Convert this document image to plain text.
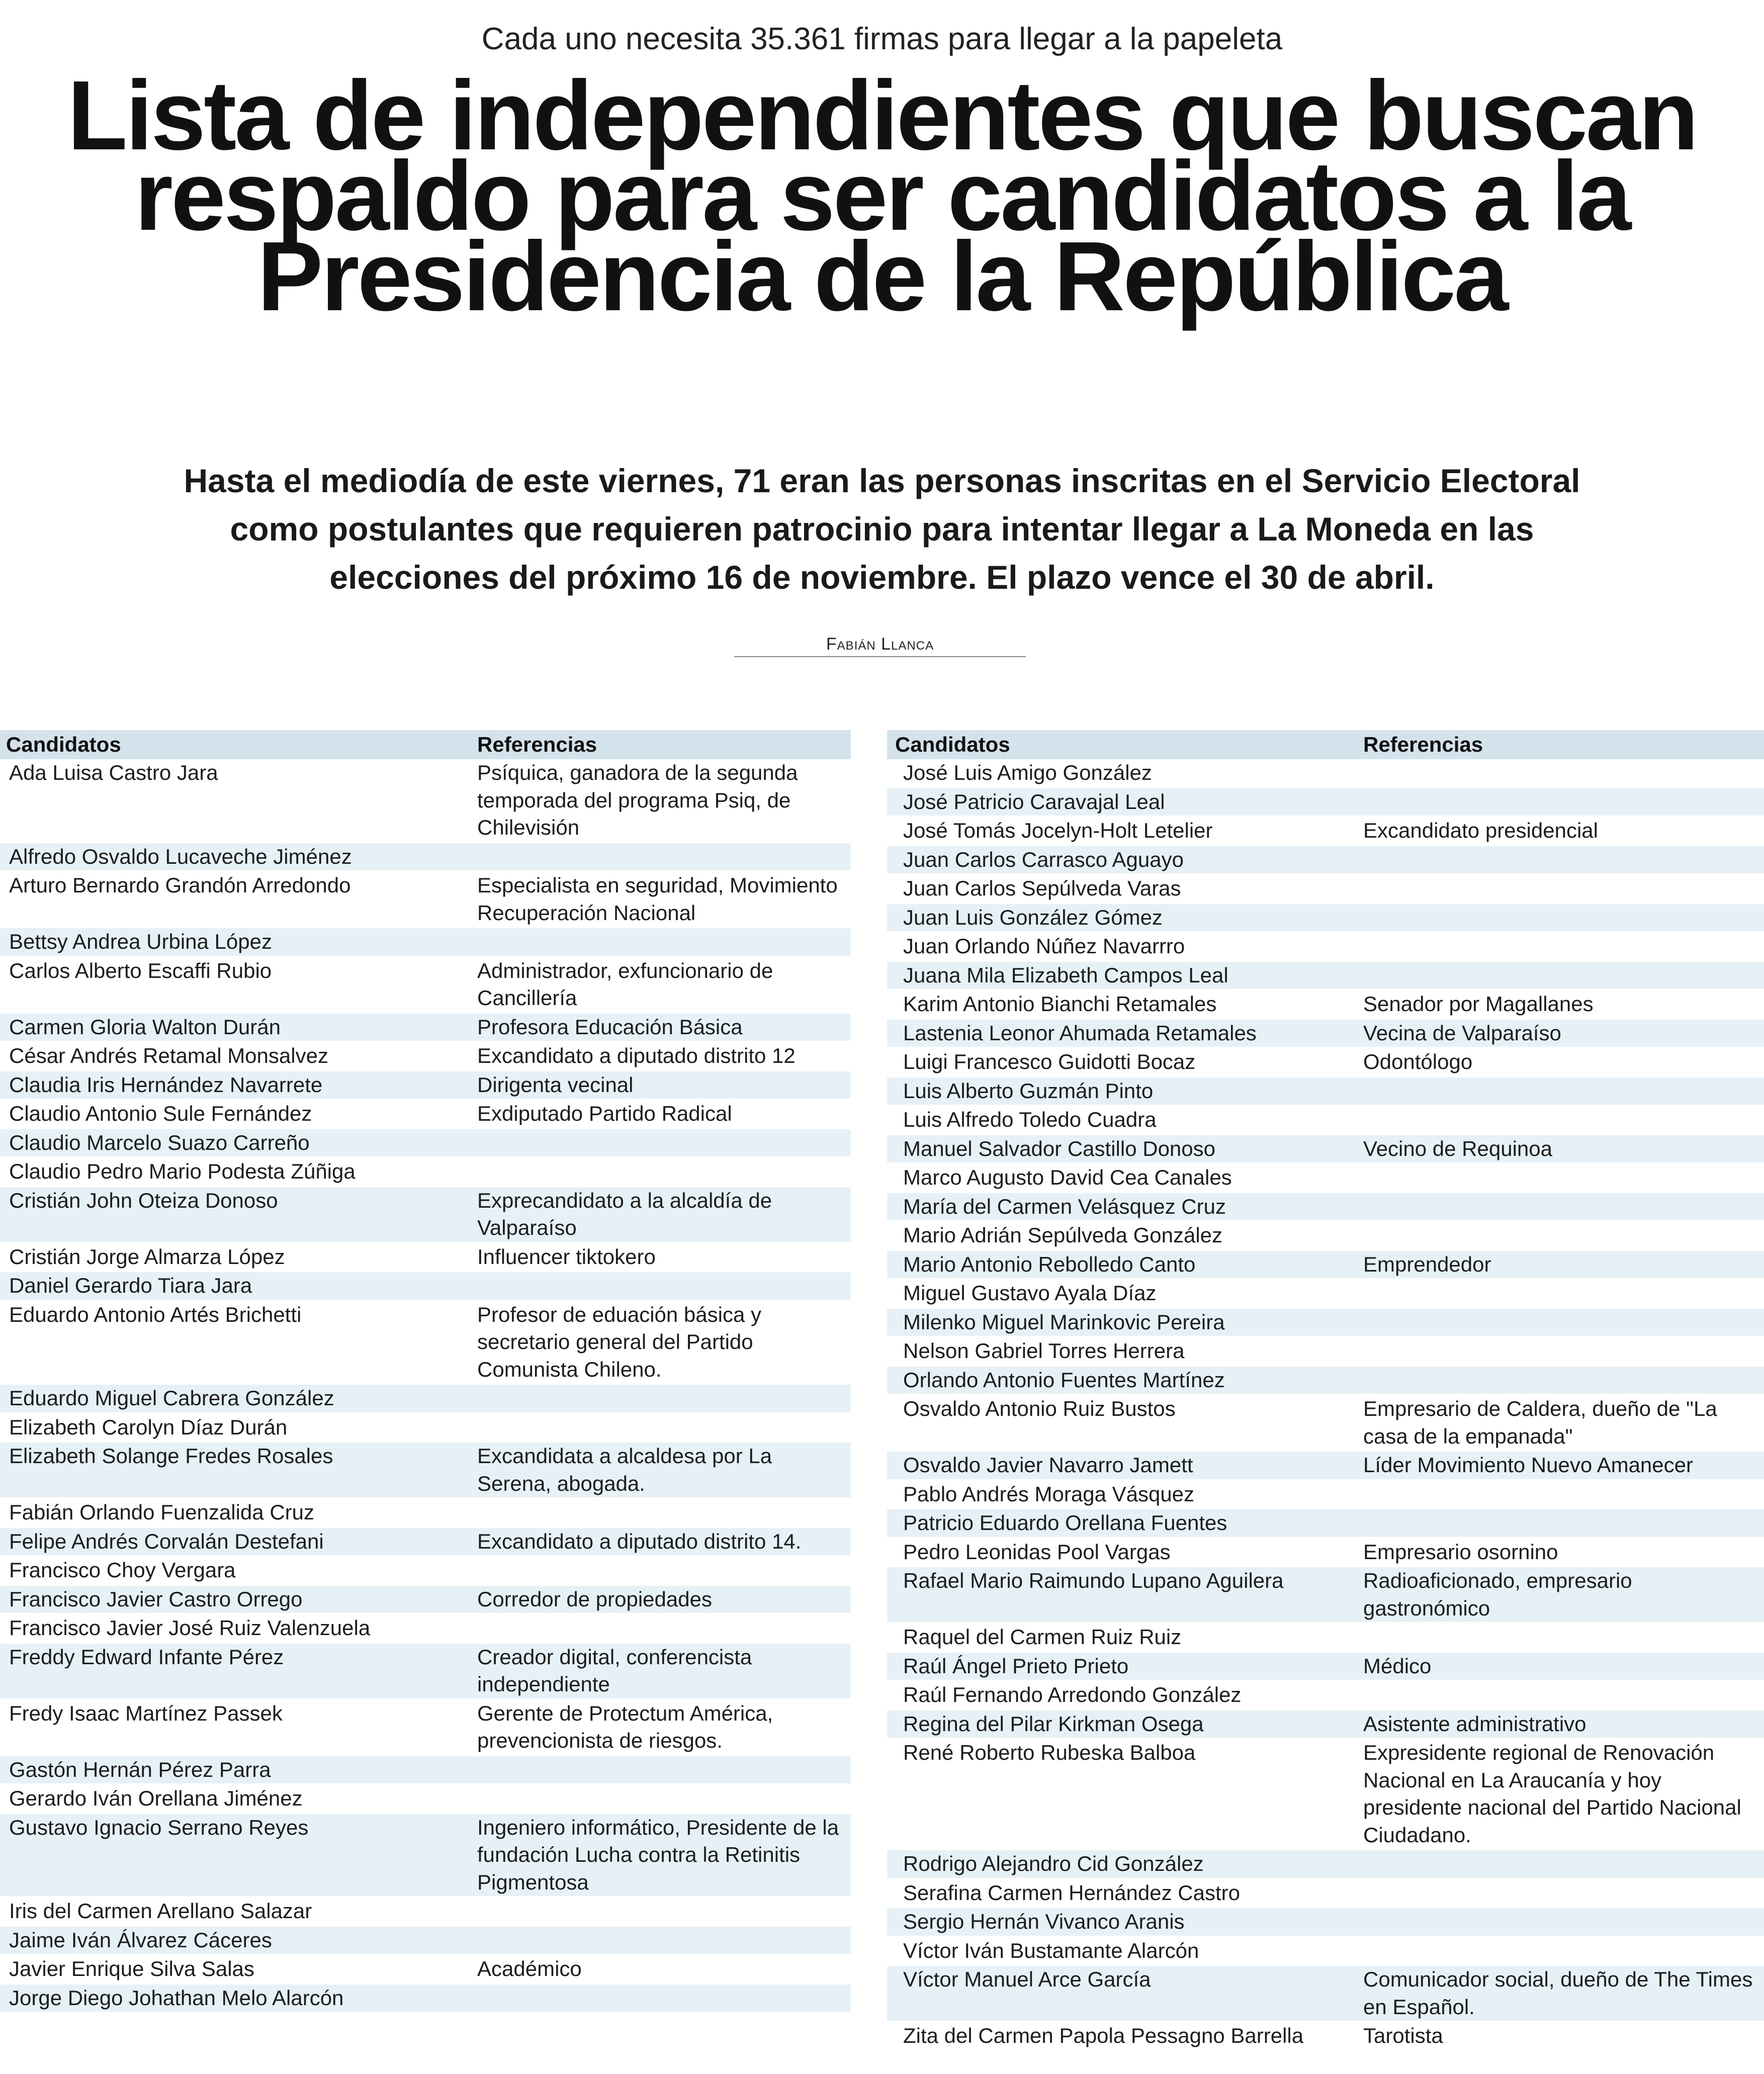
Cada uno necesita 35.361 firmas para llegar a la papeleta
Lista de independientes que buscan
respaldo para ser candidatos a la
Presidencia de la República
Hasta el mediodía de este viernes, 71 eran las personas inscritas en el Servicio Electoral como postulantes que requieren patrocinio para intentar llegar a La Moneda en las elecciones del próximo 16 de noviembre. El plazo vence el 30 de abril.
Fabián Llanca
Candidatos	Referencias
Ada Luisa Castro Jara	Psíquica, ganadora de la segunda temporada del programa Psiq, de Chilevisión
Alfredo Osvaldo Lucaveche Jiménez
Arturo Bernardo Grandón Arredondo	Especialista en seguridad, Movimiento Recuperación Nacional
Bettsy Andrea Urbina López
Carlos Alberto Escaffi Rubio	Administrador, exfuncionario de Cancillería
Carmen Gloria Walton Durán	Profesora Educación Básica
César Andrés Retamal Monsalvez	Excandidato a diputado distrito 12
Claudia Iris Hernández Navarrete	Dirigenta vecinal
Claudio Antonio Sule Fernández	Exdiputado Partido Radical
Claudio Marcelo Suazo Carreño
Claudio Pedro Mario Podesta Zúñiga
Cristián John Oteiza Donoso	Exprecandidato a la alcaldía de Valparaíso
Cristián Jorge Almarza López	Influencer tiktokero
Daniel Gerardo Tiara Jara
Eduardo Antonio Artés Brichetti	Profesor de eduación básica y secretario general del Partido Comunista Chileno.
Eduardo Miguel Cabrera González
Elizabeth Carolyn Díaz Durán
Elizabeth Solange Fredes Rosales	Excandidata a alcaldesa por La Serena, abogada.
Fabián Orlando Fuenzalida Cruz
Felipe Andrés Corvalán Destefani	Excandidato a diputado distrito 14.
Francisco Choy Vergara
Francisco Javier Castro Orrego	Corredor de propiedades
Francisco Javier José Ruiz Valenzuela
Freddy Edward Infante Pérez	Creador digital, conferencista independiente
Fredy Isaac Martínez Passek	Gerente de Protectum América, prevencionista de riesgos.
Gastón Hernán Pérez Parra
Gerardo Iván Orellana Jiménez
Gustavo Ignacio Serrano Reyes	Ingeniero informático, Presidente de la fundación Lucha contra la Retinitis Pigmentosa
Iris del Carmen Arellano Salazar
Jaime Iván Álvarez Cáceres
Javier Enrique Silva Salas	Académico
Jorge Diego Johathan Melo Alarcón
Candidatos	Referencias
José Luis Amigo González
José Patricio Caravajal Leal
José Tomás Jocelyn-Holt Letelier	Excandidato presidencial
Juan Carlos Carrasco Aguayo
Juan Carlos Sepúlveda Varas
Juan Luis González Gómez
Juan Orlando Núñez Navarrro
Juana Mila Elizabeth Campos Leal
Karim Antonio Bianchi Retamales	Senador por Magallanes
Lastenia Leonor Ahumada Retamales	Vecina de Valparaíso
Luigi Francesco Guidotti Bocaz	Odontólogo
Luis Alberto Guzmán Pinto
Luis Alfredo Toledo Cuadra
Manuel Salvador Castillo Donoso	Vecino de Requinoa
Marco Augusto David Cea Canales
María del Carmen Velásquez Cruz
Mario Adrián Sepúlveda González
Mario Antonio Rebolledo Canto	Emprendedor
Miguel Gustavo Ayala Díaz
Milenko Miguel Marinkovic Pereira
Nelson Gabriel Torres Herrera
Orlando Antonio Fuentes Martínez
Osvaldo Antonio Ruiz Bustos	Empresario de Caldera, dueño de "La casa de la empanada"
Osvaldo Javier Navarro Jamett	Líder Movimiento Nuevo Amanecer
Pablo Andrés Moraga Vásquez
Patricio Eduardo Orellana Fuentes
Pedro Leonidas Pool Vargas	Empresario osornino
Rafael Mario Raimundo Lupano Aguilera	Radioaficionado, empresario gastronómico
Raquel del Carmen Ruiz Ruiz
Raúl Ángel Prieto Prieto	Médico
Raúl Fernando Arredondo González
Regina del Pilar Kirkman Osega	Asistente administrativo
René Roberto Rubeska Balboa	Expresidente regional de Renovación Nacional en La Araucanía y hoy presidente nacional del Partido Nacional Ciudadano.
Rodrigo Alejandro Cid González
Serafina Carmen Hernández Castro
Sergio Hernán Vivanco Aranis
Víctor Iván Bustamante Alarcón
Víctor Manuel Arce García	Comunicador social, dueño de The Times en Español.
Zita del Carmen Papola Pessagno Barrella	Tarotista
